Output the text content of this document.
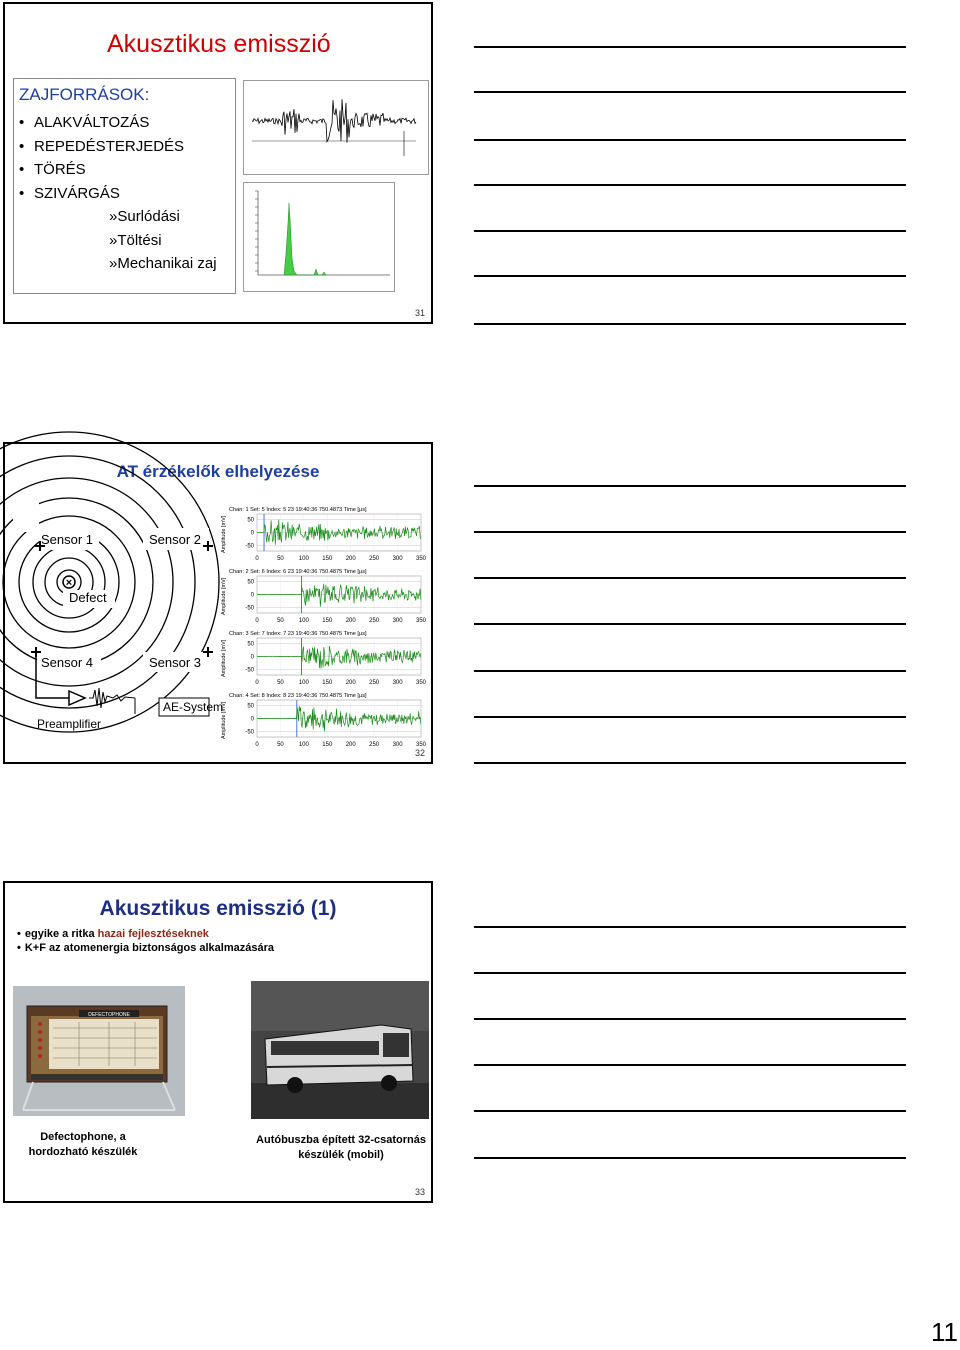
Akusztikus emisszió
ZAJFORRÁSOK:
• ALAKVÁLTOZÁS
• REPEDÉSTERJEDÉS
• TÖRÉS
• SZIVÁRGÁS
» Surlódási
» Töltési
» Mechanikai zaj
31
AT érzékelők elhelyezése
×
Sensor 1	Sensor 2
Sensor 4	Sensor 3
Defect
AE-System
Preamplifier
Chan: 1 Set: 5 Index: 5 23 19:40:36 750.4873 Time [µs]
Amplitude [mV]	50
0
-50
0	50	100 150 200 250 300 350
Chan: 2 Set: 6 Index: 6 23 19:40:36 750.4875 Time [µs]
Amplitude [mV]	50
0
-50
0	50	100 150 200 250 300 350
Chan: 3 Set: 7 Index: 7 23 19:40:36 750.4875 Time [µs]
Amplitude [mV]	50
0
-50
0	50	100 150 200 250 300 350
Chan: 4 Set: 8 Index: 8 23 19:40:36 750.4875 Time [µs]
Amplitude [mV]	50
0
-50
0	50	100 150 200 250 300 350
32
Akusztikus emisszió (1)
• egyike a ritka hazai fejlesztéseknek
• K+F az atomenergia biztonságos alkalmazására
DEFECTOPHONE
Defectophone, a
hordozható készülék
Autóbuszba épített 32-csatornás
készülék (mobil)
33
11
